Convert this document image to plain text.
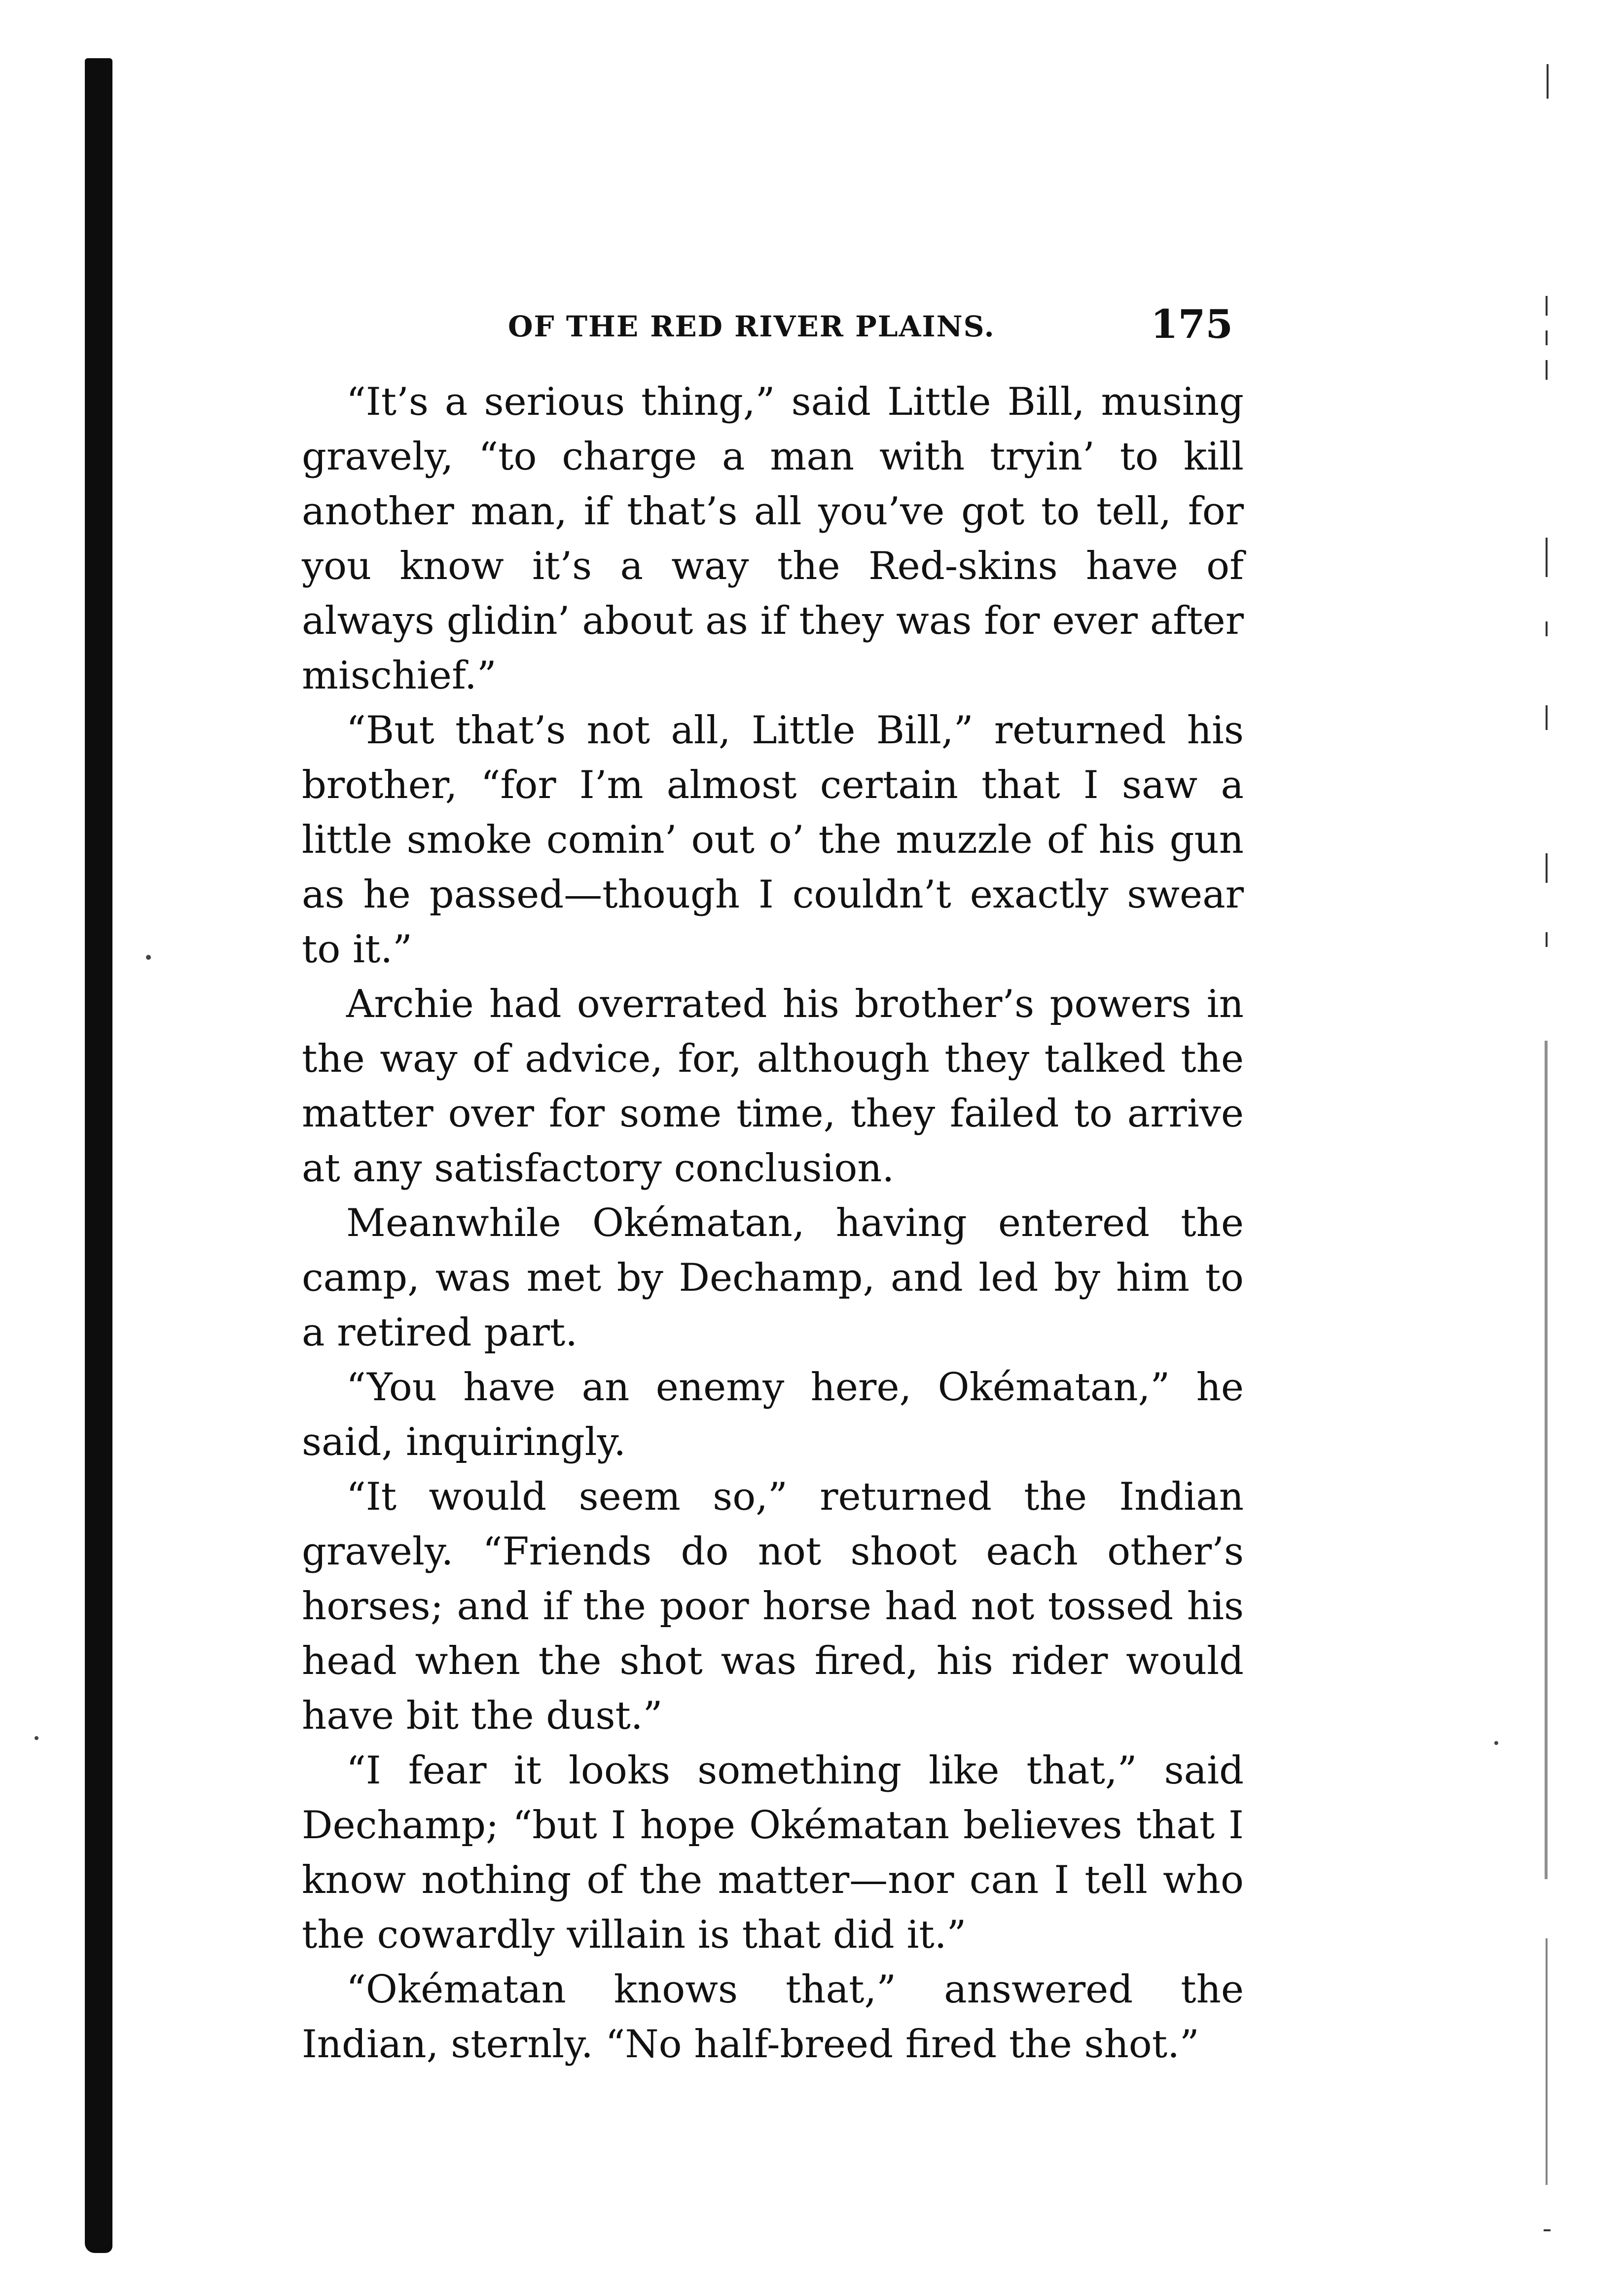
OF THE RED RIVER PLAINS.	175

“It’s a serious thing,” said Little Bill, musing gravely, “to charge a man with tryin’ to kill another man, if that’s all you’ve got to tell, for you know it’s a way the Red-skins have of always glidin’ about as if they was for ever after mischief.”

“But that’s not all, Little Bill,” returned his brother, “for I’m almost certain that I saw a little smoke comin’ out o’ the muzzle of his gun as he passed—though I couldn’t exactly swear to it.”

Archie had overrated his brother’s powers in the way of advice, for, although they talked the matter over for some time, they failed to arrive at any satisfactory conclusion.

Meanwhile Okématan, having entered the camp, was met by Dechamp, and led by him to a retired part.

“You have an enemy here, Okématan,” he said, inquiringly.

“It would seem so,” returned the Indian gravely. “Friends do not shoot each other’s horses; and if the poor horse had not tossed his head when the shot was fired, his rider would have bit the dust.”

“I fear it looks something like that,” said Dechamp; “but I hope Okématan believes that I know nothing of the matter—nor can I tell who the cowardly villain is that did it.”

“Okématan knows that,” answered the Indian, sternly. “No half-breed fired the shot.”
